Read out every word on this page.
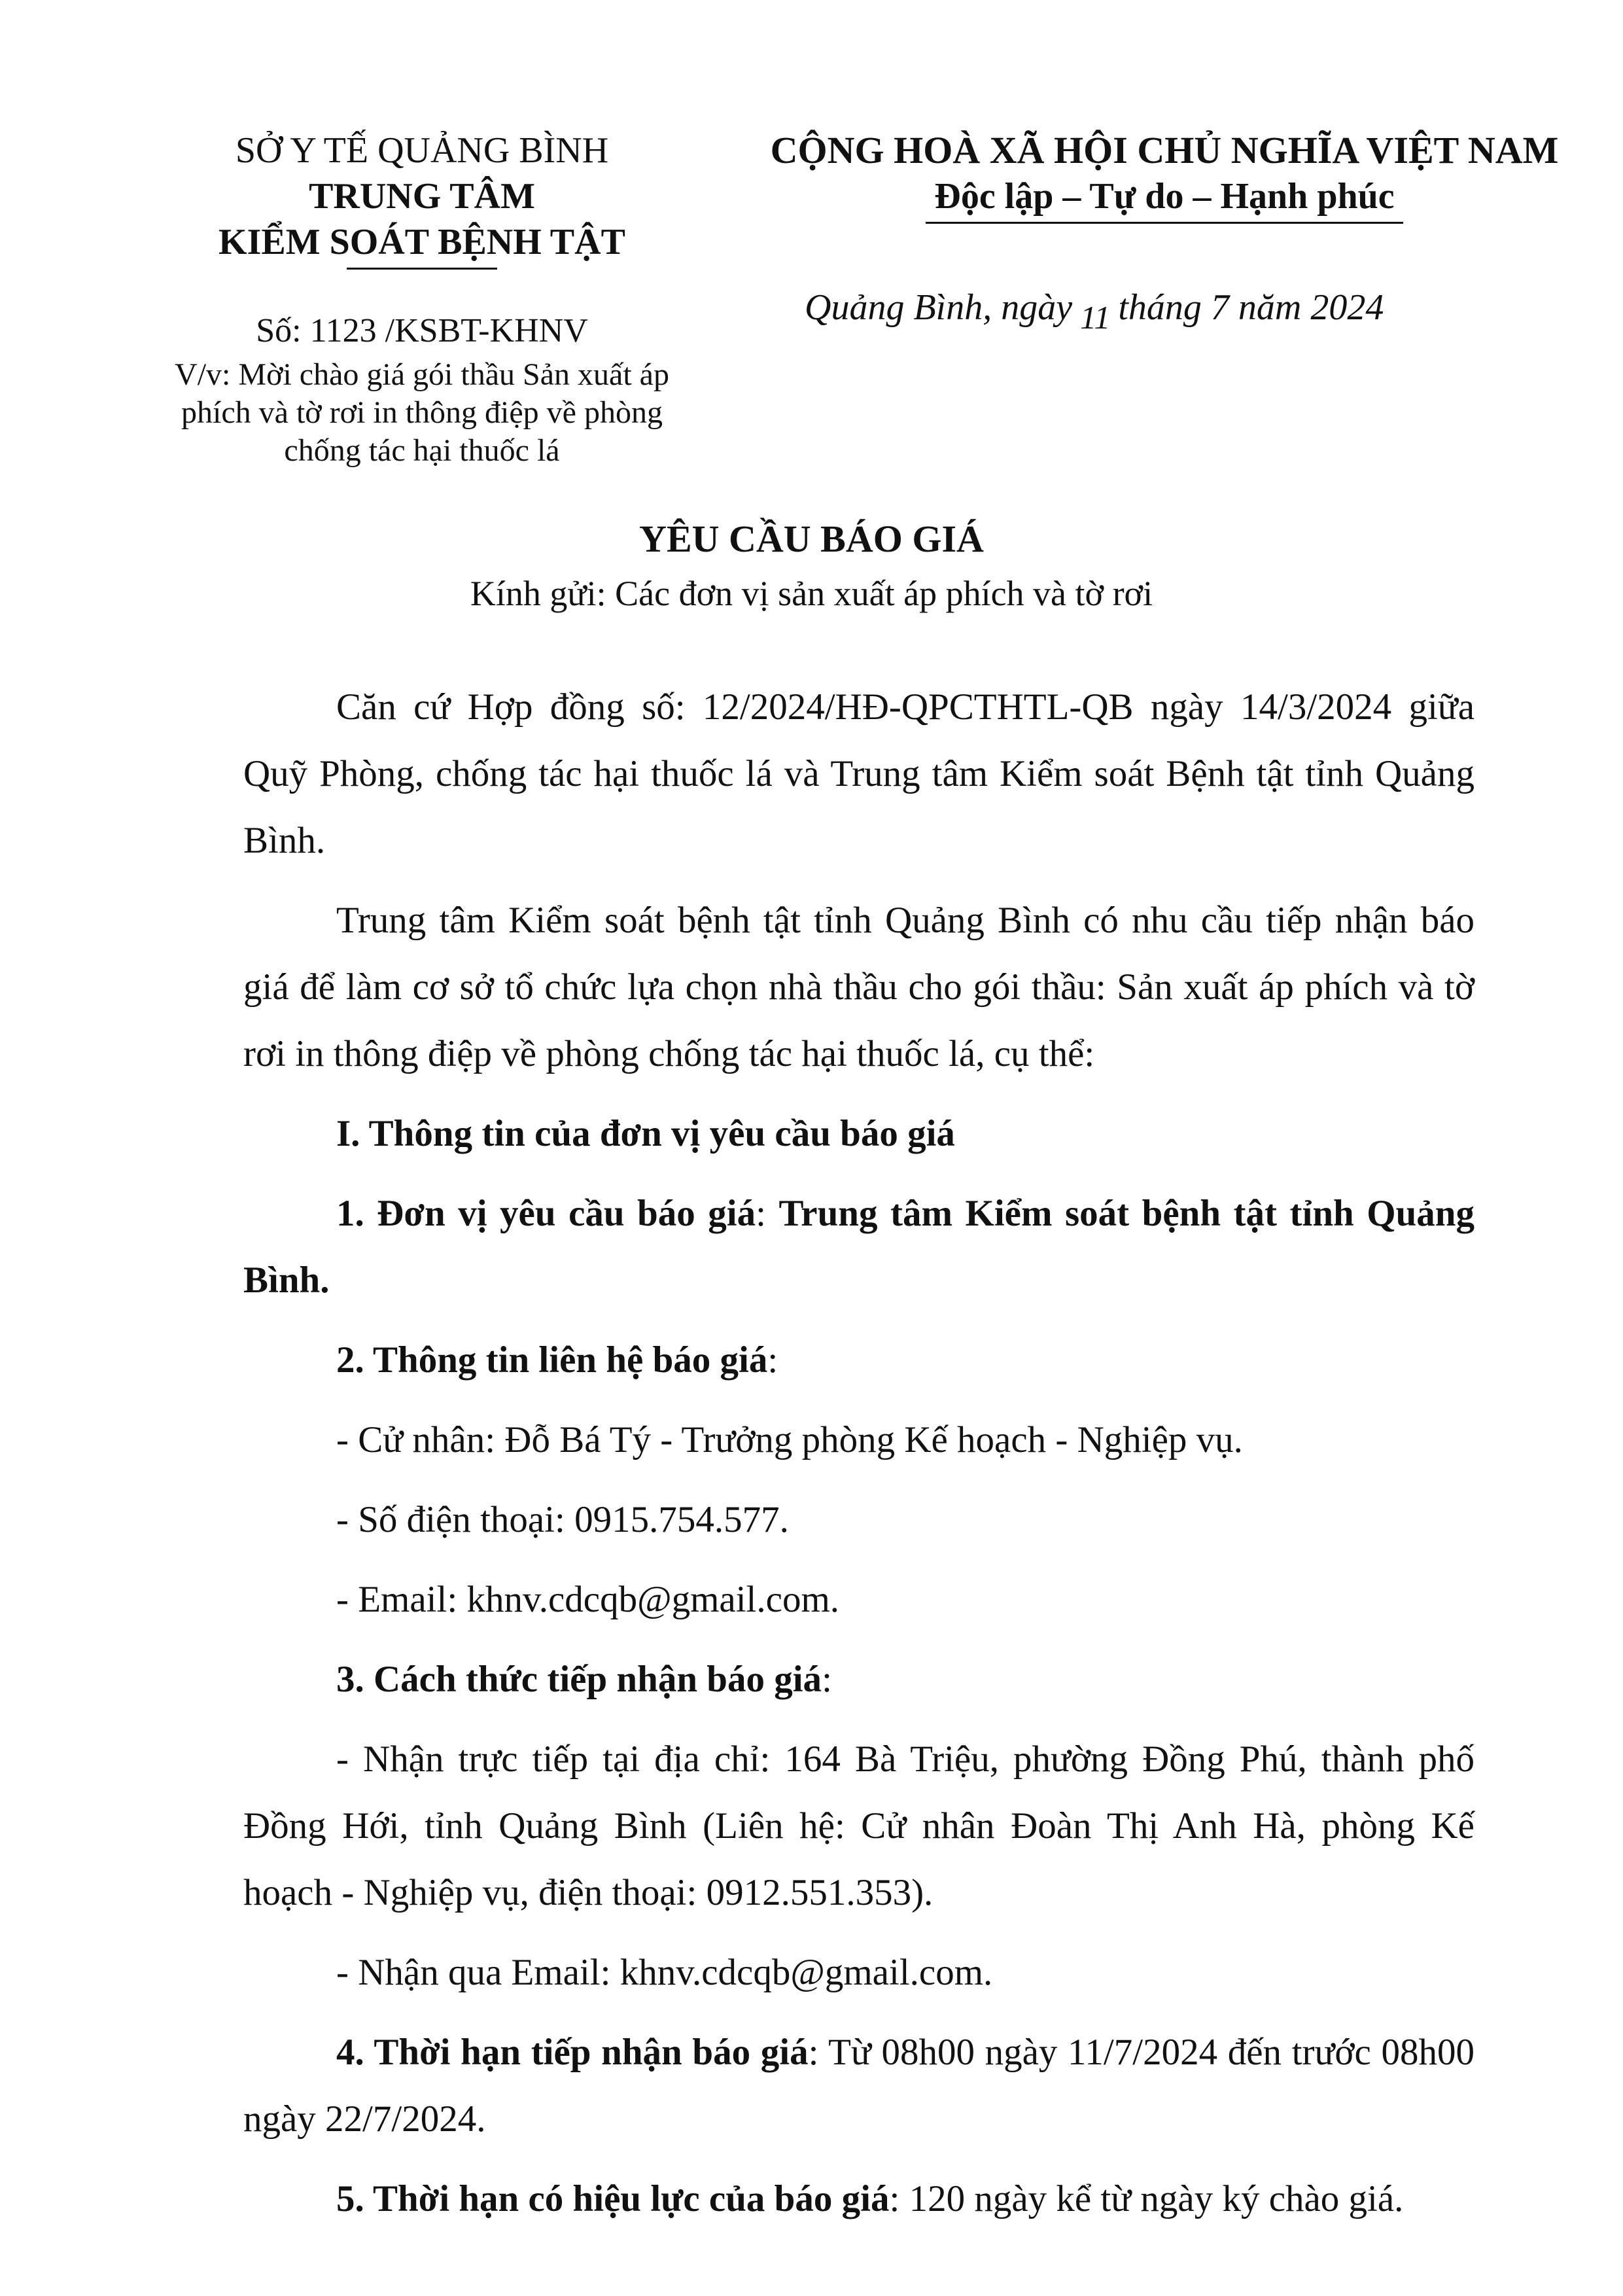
SỞ Y TẾ QUẢNG BÌNH
TRUNG TÂM
KIỂM SOÁT BỆNH TẬT
Số: 1123 /KSBT-KHNV
V/v: Mời chào giá gói thầu Sản xuất áp phích và tờ rơi in thông điệp về phòng chống tác hại thuốc lá
CỘNG HOÀ XÃ HỘI CHỦ NGHĨA VIỆT NAM
Độc lập – Tự do – Hạnh phúc
Quảng Bình, ngày 11 tháng 7 năm 2024
YÊU CẦU BÁO GIÁ
Kính gửi: Các đơn vị sản xuất áp phích và tờ rơi

Căn cứ Hợp đồng số: 12/2024/HĐ-QPCTHTL-QB ngày 14/3/2024 giữa Quỹ Phòng, chống tác hại thuốc lá và Trung tâm Kiểm soát Bệnh tật tỉnh Quảng Bình.

Trung tâm Kiểm soát bệnh tật tỉnh Quảng Bình có nhu cầu tiếp nhận báo giá để làm cơ sở tổ chức lựa chọn nhà thầu cho gói thầu: Sản xuất áp phích và tờ rơi in thông điệp về phòng chống tác hại thuốc lá, cụ thể:

I. Thông tin của đơn vị yêu cầu báo giá

1. Đơn vị yêu cầu báo giá: Trung tâm Kiểm soát bệnh tật tỉnh Quảng Bình.

2. Thông tin liên hệ báo giá:

- Cử nhân: Đỗ Bá Tý - Trưởng phòng Kế hoạch - Nghiệp vụ.

- Số điện thoại: 0915.754.577.

- Email: khnv.cdcqb@gmail.com.

3. Cách thức tiếp nhận báo giá:

- Nhận trực tiếp tại địa chỉ: 164 Bà Triệu, phường Đồng Phú, thành phố Đồng Hới, tỉnh Quảng Bình (Liên hệ: Cử nhân Đoàn Thị Anh Hà, phòng Kế hoạch - Nghiệp vụ, điện thoại: 0912.551.353).

- Nhận qua Email: khnv.cdcqb@gmail.com.

4. Thời hạn tiếp nhận báo giá: Từ 08h00 ngày 11/7/2024 đến trước 08h00 ngày 22/7/2024.

5. Thời hạn có hiệu lực của báo giá: 120 ngày kể từ ngày ký chào giá.
